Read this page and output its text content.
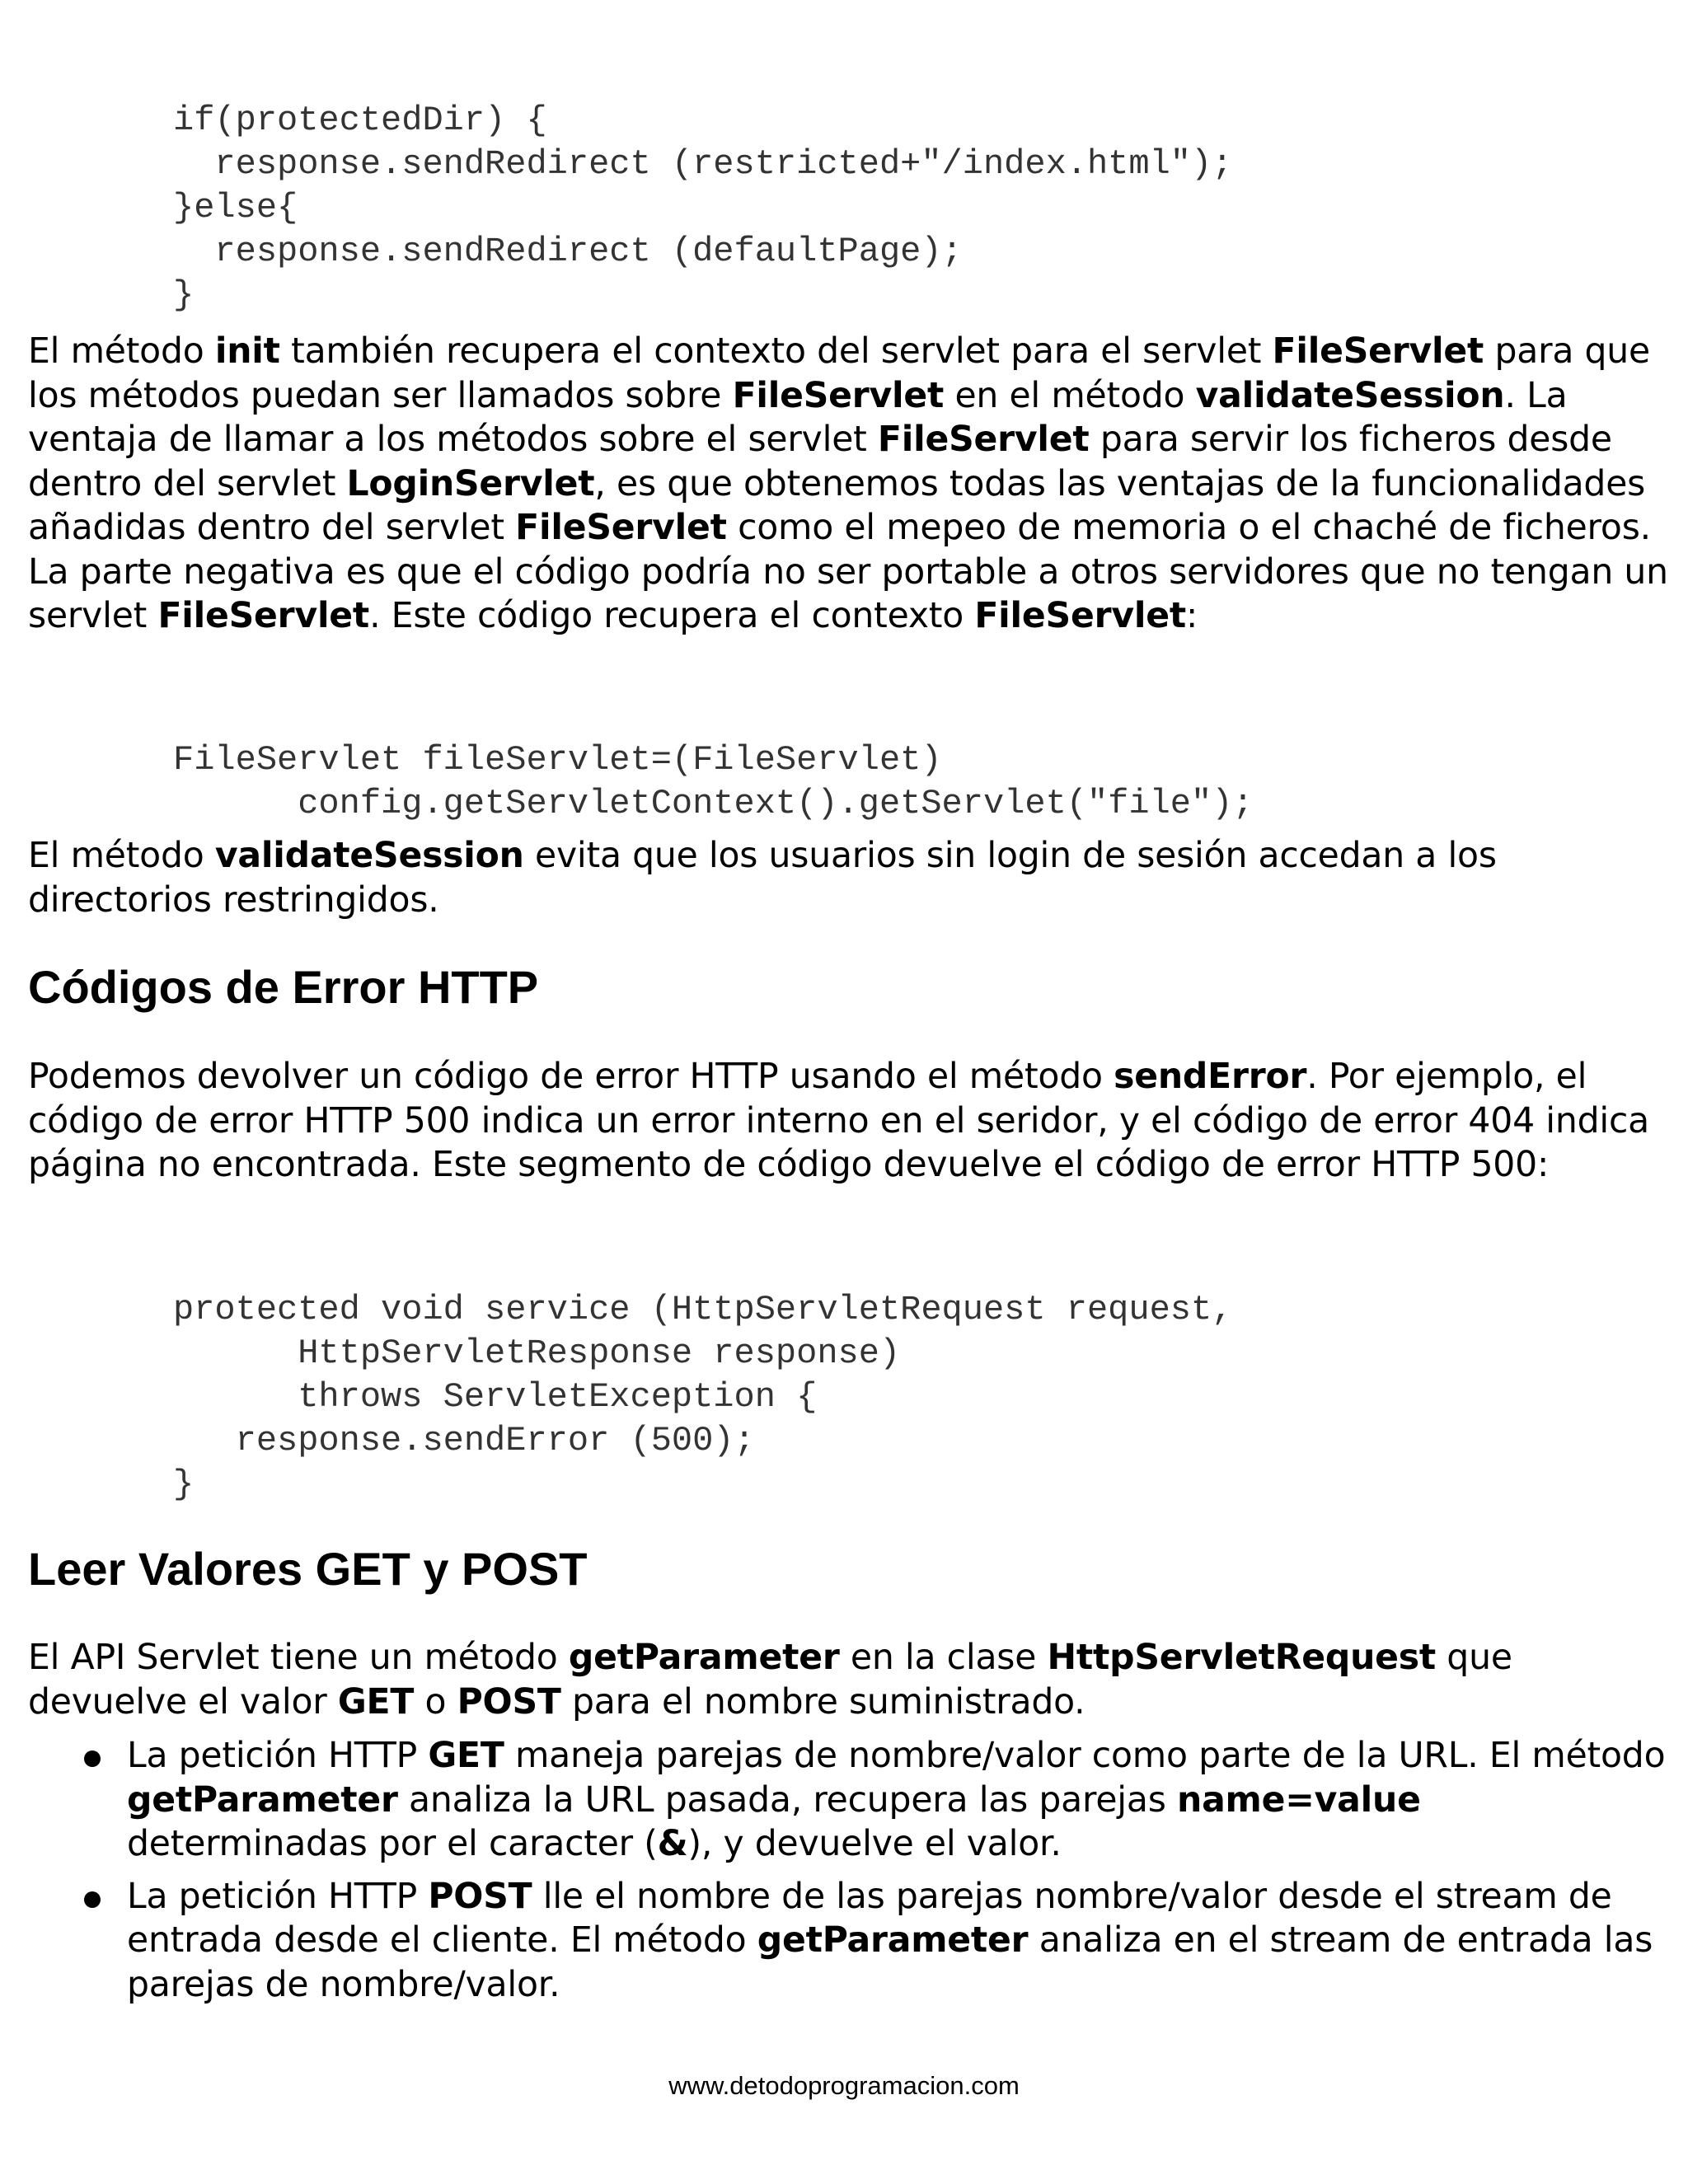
if(protectedDir) {
response.sendRedirect (restricted+"/index.html");
}else{
response.sendRedirect (defaultPage);
}

El método init también recupera el contexto del servlet para el servlet FileServlet para que los métodos puedan ser llamados sobre FileServlet en el método validateSession. La ventaja de llamar a los métodos sobre el servlet FileServlet para servir los ficheros desde dentro del servlet LoginServlet, es que obtenemos todas las ventajas de la funcionalidades añadidas dentro del servlet FileServlet como el mepeo de memoria o el chaché de ficheros. La parte negativa es que el código podría no ser portable a otros servidores que no tengan un servlet FileServlet. Este código recupera el contexto FileServlet:

FileServlet fileServlet=(FileServlet)
config.getServletContext().getServlet("file");

El método validateSession evita que los usuarios sin login de sesión accedan a los directorios restringidos.

Códigos de Error HTTP

Podemos devolver un código de error HTTP usando el método sendError. Por ejemplo, el código de error HTTP 500 indica un error interno en el seridor, y el código de error 404 indica página no encontrada. Este segmento de código devuelve el código de error HTTP 500:

protected void service (HttpServletRequest request,
HttpServletResponse response)
throws ServletException {
response.sendError (500);
}
Leer Valores GET y POST

El API Servlet tiene un método getParameter en la clase HttpServletRequest que devuelve el valor GET o POST para el nombre suministrado.

La petición HTTP GET maneja parejas de nombre/valor como parte de la URL. El método getParameter analiza la URL pasada, recupera las parejas name=value determinadas por el caracter (&), y devuelve el valor.
La petición HTTP POST lle el nombre de las parejas nombre/valor desde el stream de entrada desde el cliente. El método getParameter analiza en el stream de entrada las parejas de nombre/valor.
www.detodoprogramacion.com
